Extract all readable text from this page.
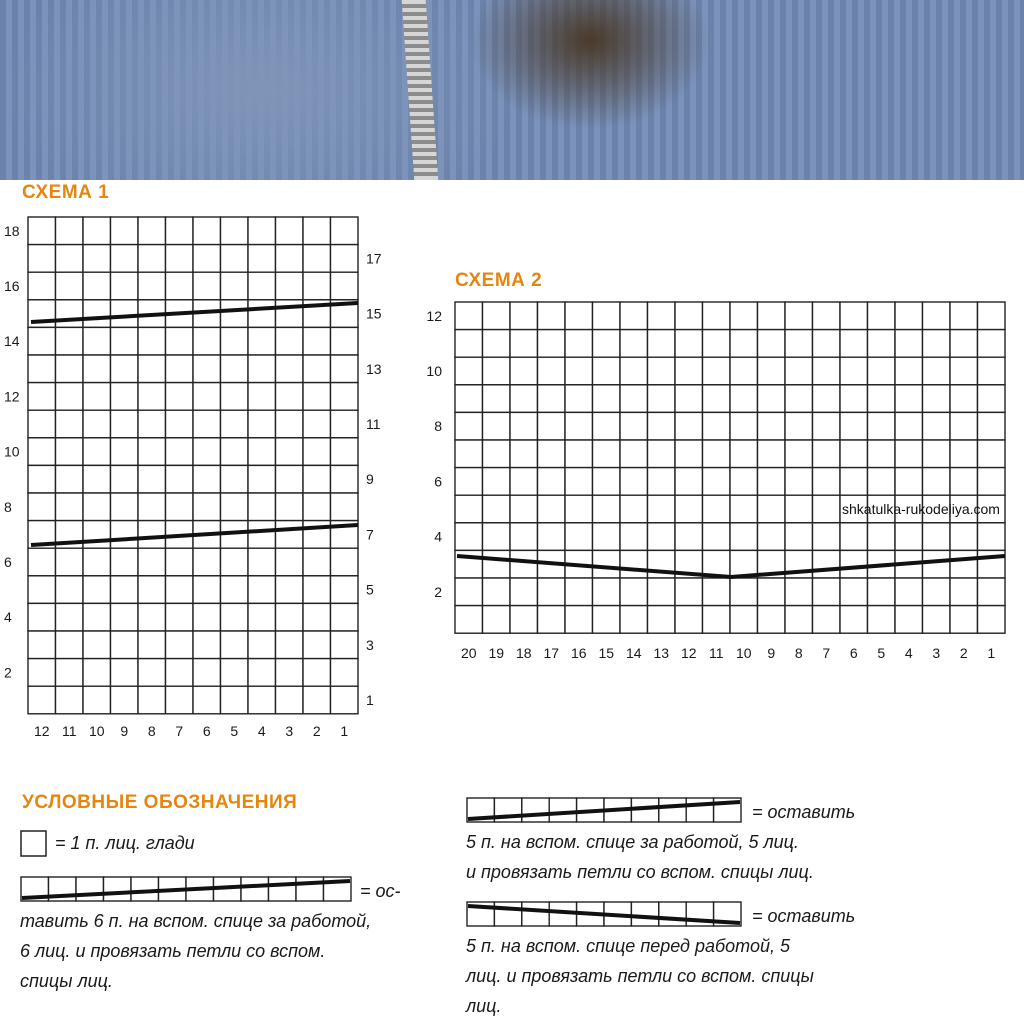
СХЕМА 1
18
16
14
12
10
8
6
4
2
17
15
13
11
9
7
5
3
1
12 11 10 9 8 7 6 5 4 3 2 1
СХЕМА 2
12
10
8
6
4
2
20 19 18 17 16 15 14 13 12 11 10 9 8 7 6 5 4 3 2 1
shkatulka-rukodeliya.com
УСЛОВНЫЕ ОБОЗНАЧЕНИЯ
= 1 п. лиц. глади
= ос-
тавить 6 п. на вспом. спице за работой,
6 лиц. и провязать петли со вспом.
спицы лиц.
= оставить
5 п. на вспом. спице за работой, 5 лиц.
и провязать петли со вспом. спицы лиц.
= оставить
5 п. на вспом. спице перед работой, 5
лиц. и провязать петли со вспом. спицы
лиц.
